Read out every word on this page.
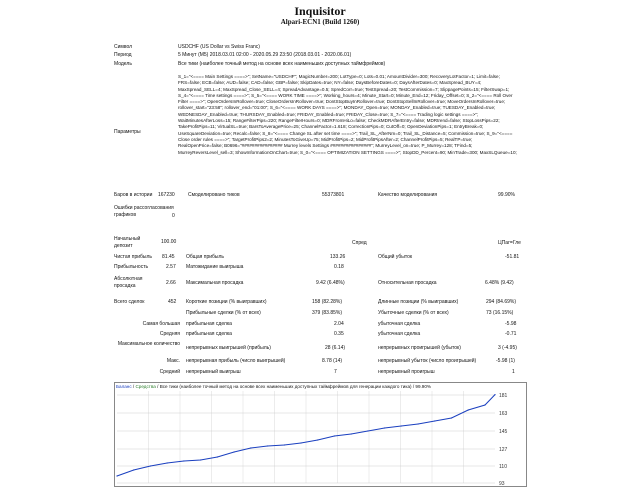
Inquisitor
Alpari-ECN1 (Build 1260)
Символ	USDCHF (US Dollar vs Swiss Franc)
Период	5 Минут (M5) 2018.03.01 02:00 - 2020.05.29 23:50 (2018.03.01 - 2020.06.01)
Модель	Все тики (наиболее точный метод на основе всех наименьших доступных таймфреймов)
Параметры
S_1="<==== Main Settings ====>"; SetName="USDCHF"; MagicNumber=200; LotType=0; Lots=0.01; AmountDivider=300; RecoveryLotFactor=1; Limit=false; FRS=false; ECB=false; AUD=false; CAD=false; GBP=false; SkipDates=true; NY=false; DaysBeforeDates=0; DaysAfterDates=0; MaxSpread_BUY=4; MaxSpread_SELL=4; MaxSpread_Close_SELL=4; SpreadAdvantage=0.5; SpredCorr=true; TestSpread=20; TestCommission=7; SlippagePoints=15; FilterSwap=1; S_4="<==== Time settings ====>"; S_5="<==== WORK TIME ====>"; Working_hours=4; Minute_Start=0; Minute_End=12; Friday_Offset=0; S_2="<==== Roll Over Filter ====>"; OpenOrdersInRollover=true; CloseOrdersInRollover=true; DontStopBuyInRollover=true; DontStopSellInRollover=true; MoveOrdersInRollover=true; rollover_start="23:58"; rollover_end="01:00"; S_6="<==== WORK DAYS ====>"; MONDAY_Open=true; MONDAY_Enabled=true; TUESDAY_Enabled=true; WEDNESDAY_Enabled=true; THURSDAY_Enabled=true; FRIDAY_Enabled=true; FRIDAY_Close=true; S_7="<==== Trading logic settings ====>"; WaitMinutesAfterLoss=15; RangeFilterPips=220; RangeFilterHours=0; MDRFromHiLo=false; CheckMDRAfterEntry=false; MDRtrend=false; StopLossPips=22; TakeProfitPips=11; VirtualSL=true; BarsToAveragePrice=25; ChannelFactor=1.618; CorrectionPips=0; CutOff=0; OpenDeviationPips=1; EntryBreak=0; UseSquareDeviation=true; Recalc=false; S_8="<==== Change SL after set time ====>"; Trail_SL_AfterNm=0; Trail_SL_Distance=5; Commission=true; S_9="<==== Close order rules ====>"; TargetProfitPips2=2; MinutesToGiveUp=75; MidProfitPips=2; MidProfitPipsAfter=2; ChannelProfitPips=5; RealTP=true; RealOpenPrice=false; B0696="################ Murrey levels Settings ################"; MurreyLevel_on=true; P_Murrey=128; TFind=5; MurreyReversLevel_sell=3; ShowInformationOnChart=true; S_0="<==== OPTIMIZATION SETTINGS ====>"; StopDD_Percent=90; MinTrade=300; MaxSLQueue=10;
Баров в истории 167230	Смоделировано тиков	55373801	Качество моделирования	99.90%
Ошибки рассогласования графиков	0
Начальный депозит
100.00	Спред	ЦПаг=Гле
Чистая прибыль 81.45 Общая прибыль	133.26	Общий убыток	-51.81
Прибыльность	2.57 Матожидание выигрыша	0.18
Абсолютная просадка	2.66 Максимальная просадка	9.42 (6.48%)	Относительная просадка	6.48% (9.42)
Всего сделок	452 Короткие позиции (% выигравших)	158 (82.28%)	Длинные позиции (% выигравших)	294 (84.69%)
Прибыльные сделки (% от всех)	379 (83.85%)	Убыточные сделки (% от всех)	73 (16.15%)
Самая большая прибыльная сделка	2.04	убыточная сделка	-5.98
Средняя прибыльная сделка	0.35	убыточная сделка	-0.71
Максимальное количество
непрерывных выигрышей (прибыль)	28 (6.14)	непрерывных проигрышей (убыток)	3 (-4.95)
Макс. непрерывная прибыль (число выигрышей)	8.78 (14)	непрерывный убыток (число проигрышей)	-5.98 (1)
Средний непрерывный выигрыш	7	непрерывный проигрыш	1
181
163
145
127
110
93
Баланс / Средства / Все тики (наиболее точный метод на основе всех наименьших доступных таймфреймов для генерации каждого тика) / 99.90%
